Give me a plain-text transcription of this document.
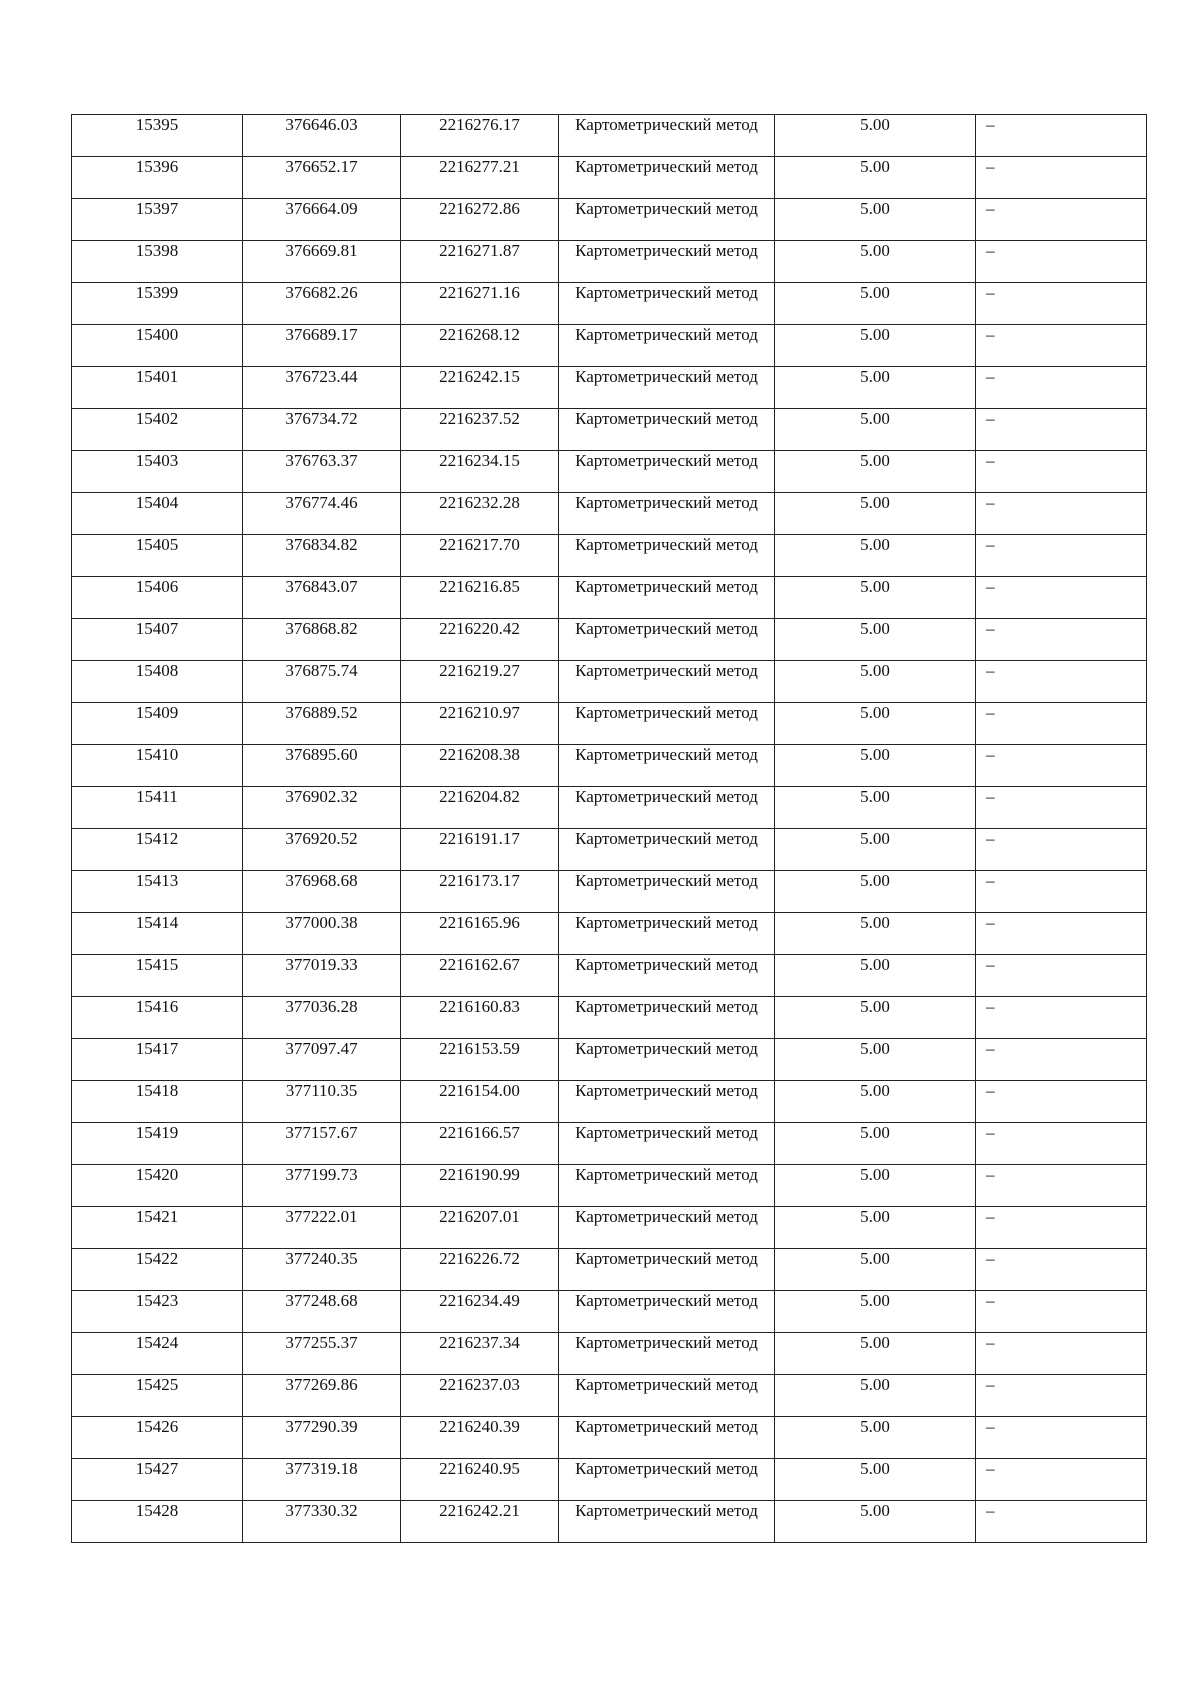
15395	376646.03	2216276.17	Картометрический метод	5.00	–

15396	376652.17	2216277.21	Картометрический метод	5.00	–

15397	376664.09	2216272.86	Картометрический метод	5.00	–

15398	376669.81	2216271.87	Картометрический метод	5.00	–

15399	376682.26	2216271.16	Картометрический метод	5.00	–

15400	376689.17	2216268.12	Картометрический метод	5.00	–

15401	376723.44	2216242.15	Картометрический метод	5.00	–

15402	376734.72	2216237.52	Картометрический метод	5.00	–

15403	376763.37	2216234.15	Картометрический метод	5.00	–

15404	376774.46	2216232.28	Картометрический метод	5.00	–

15405	376834.82	2216217.70	Картометрический метод	5.00	–

15406	376843.07	2216216.85	Картометрический метод	5.00	–

15407	376868.82	2216220.42	Картометрический метод	5.00	–

15408	376875.74	2216219.27	Картометрический метод	5.00	–

15409	376889.52	2216210.97	Картометрический метод	5.00	–

15410	376895.60	2216208.38	Картометрический метод	5.00	–

15411	376902.32	2216204.82	Картометрический метод	5.00	–

15412	376920.52	2216191.17	Картометрический метод	5.00	–

15413	376968.68	2216173.17	Картометрический метод	5.00	–

15414	377000.38	2216165.96	Картометрический метод	5.00	–

15415	377019.33	2216162.67	Картометрический метод	5.00	–

15416	377036.28	2216160.83	Картометрический метод	5.00	–

15417	377097.47	2216153.59	Картометрический метод	5.00	–

15418	377110.35	2216154.00	Картометрический метод	5.00	–

15419	377157.67	2216166.57	Картометрический метод	5.00	–

15420	377199.73	2216190.99	Картометрический метод	5.00	–

15421	377222.01	2216207.01	Картометрический метод	5.00	–

15422	377240.35	2216226.72	Картометрический метод	5.00	–

15423	377248.68	2216234.49	Картометрический метод	5.00	–

15424	377255.37	2216237.34	Картометрический метод	5.00	–

15425	377269.86	2216237.03	Картометрический метод	5.00	–

15426	377290.39	2216240.39	Картометрический метод	5.00	–

15427	377319.18	2216240.95	Картометрический метод	5.00	–

15428	377330.32	2216242.21	Картометрический метод	5.00	–
